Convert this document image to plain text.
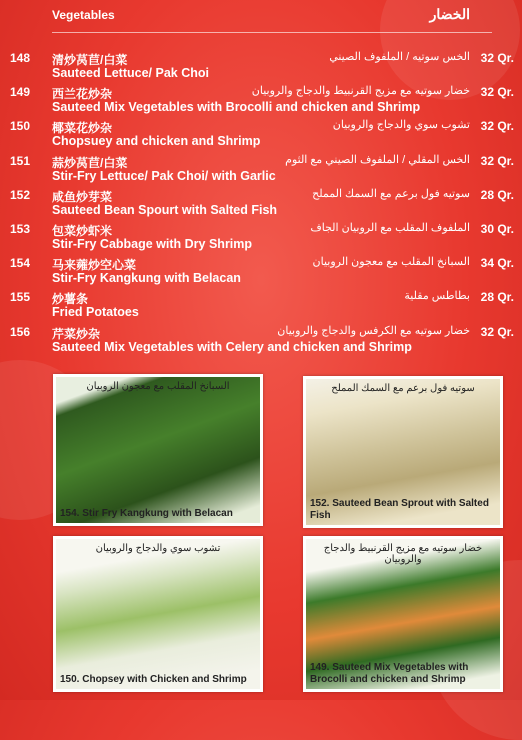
Vegetables	الخضار
148 清炒莴苣/白菜	الخس سوتيه / الملفوف الصيني 32 Qr.
Sauteed Lettuce/ Pak Choi
149 西兰花炒杂	خضار سوتيه مع مزيج القرنبيط والدجاج والروبيان 32 Qr.
Sauteed Mix Vegetables with Brocolli and chicken and Shrimp
150 椰菜花炒杂	تشوب سوي والدجاج والروبيان 32 Qr.
Chopsuey and chicken and Shrimp
151 蒜炒莴苣/白菜	الخس المقلي / الملفوف الصيني مع الثوم 32 Qr.
Stir-Fry Lettuce/ Pak Choi/ with Garlic
152 咸鱼炒芽菜	سوتيه فول برعم مع السمك المملح 28 Qr.
Sauteed Bean Spourt with Salted Fish
153 包菜炒虾米	الملفوف المقلب مع الروبيان الجاف 30 Qr.
Stir-Fry Cabbage with Dry Shrimp
154 马来蕹炒空心菜	السبانخ المقلب مع معجون الروبيان 34 Qr.
Stir-Fry Kangkung with Belacan
155 炒薯条	بطاطس مقلية 28 Qr.
Fried Potatoes
156 芹菜炒杂	خضار سوتيه مع الكرفس والدجاج والروبيان 32 Qr.
Sauteed Mix Vegetables with Celery and chicken and Shrimp
السبانخ المقلب مع معجون الروبيان
154. Stir Fry Kangkung with Belacan
سوتيه فول برعم مع السمك المملح
152. Sauteed Bean Sprout with Salted Fish
تشوب سوي والدجاج والروبيان
150. Chopsey with Chicken and Shrimp
خضار سوتيه مع مزيج القرنبيط والدجاج والروبيان
149. Sauteed Mix Vegetables with Brocolli and chicken and Shrimp
